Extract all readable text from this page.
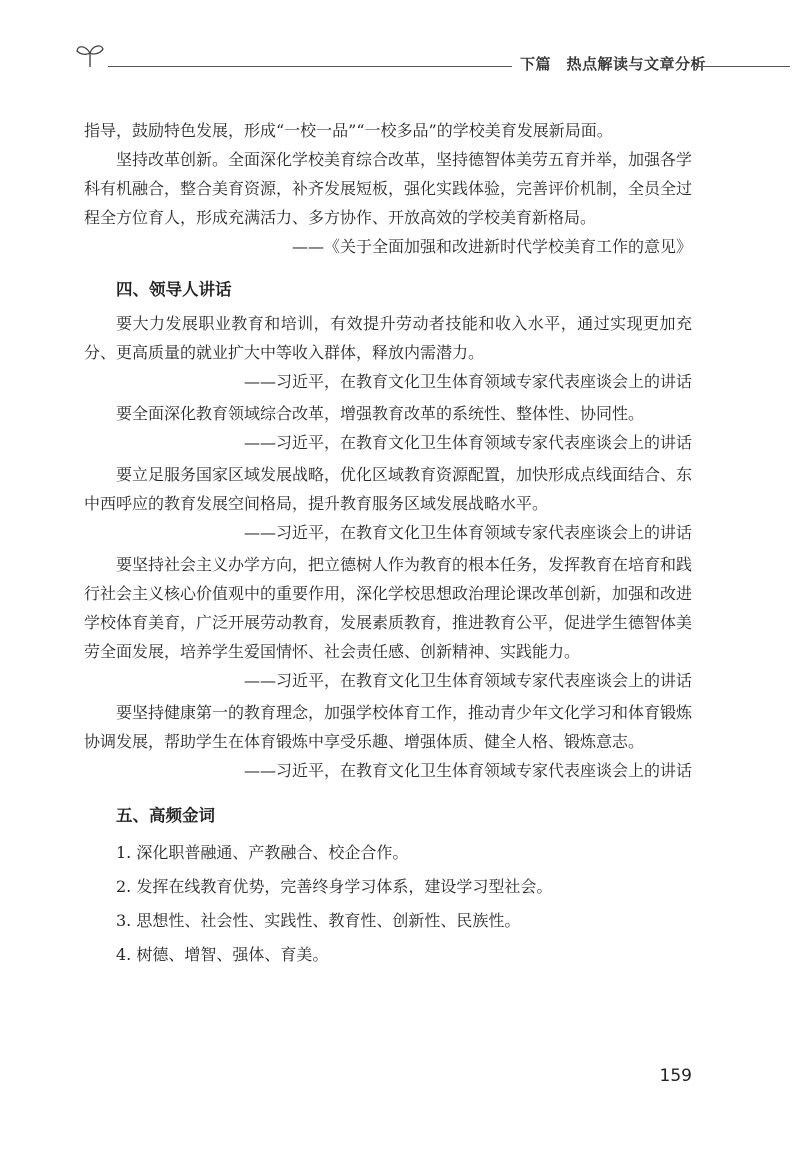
下篇　热点解读与文章分析

指导，鼓励特色发展，形成“一校一品”“一校多品”的学校美育发展新局面。

坚持改革创新。全面深化学校美育综合改革，坚持德智体美劳五育并举，加强各学科有机融合，整合美育资源，补齐发展短板，强化实践体验，完善评价机制，全员全过程全方位育人，形成充满活力、多方协作、开放高效的学校美育新格局。

——《关于全面加强和改进新时代学校美育工作的意见》

四、领导人讲话

要大力发展职业教育和培训，有效提升劳动者技能和收入水平，通过实现更加充分、更高质量的就业扩大中等收入群体，释放内需潜力。

——习近平，在教育文化卫生体育领域专家代表座谈会上的讲话

要全面深化教育领域综合改革，增强教育改革的系统性、整体性、协同性。

——习近平，在教育文化卫生体育领域专家代表座谈会上的讲话

要立足服务国家区域发展战略，优化区域教育资源配置，加快形成点线面结合、东中西呼应的教育发展空间格局，提升教育服务区域发展战略水平。

——习近平，在教育文化卫生体育领域专家代表座谈会上的讲话

要坚持社会主义办学方向，把立德树人作为教育的根本任务，发挥教育在培育和践行社会主义核心价值观中的重要作用，深化学校思想政治理论课改革创新，加强和改进学校体育美育，广泛开展劳动教育，发展素质教育，推进教育公平，促进学生德智体美劳全面发展，培养学生爱国情怀、社会责任感、创新精神、实践能力。

——习近平，在教育文化卫生体育领域专家代表座谈会上的讲话

要坚持健康第一的教育理念，加强学校体育工作，推动青少年文化学习和体育锻炼协调发展，帮助学生在体育锻炼中享受乐趣、增强体质、健全人格、锻炼意志。

——习近平，在教育文化卫生体育领域专家代表座谈会上的讲话

五、高频金词

1. 深化职普融通、产教融合、校企合作。

2. 发挥在线教育优势，完善终身学习体系，建设学习型社会。

3. 思想性、社会性、实践性、教育性、创新性、民族性。

4. 树德、增智、强体、育美。

159
